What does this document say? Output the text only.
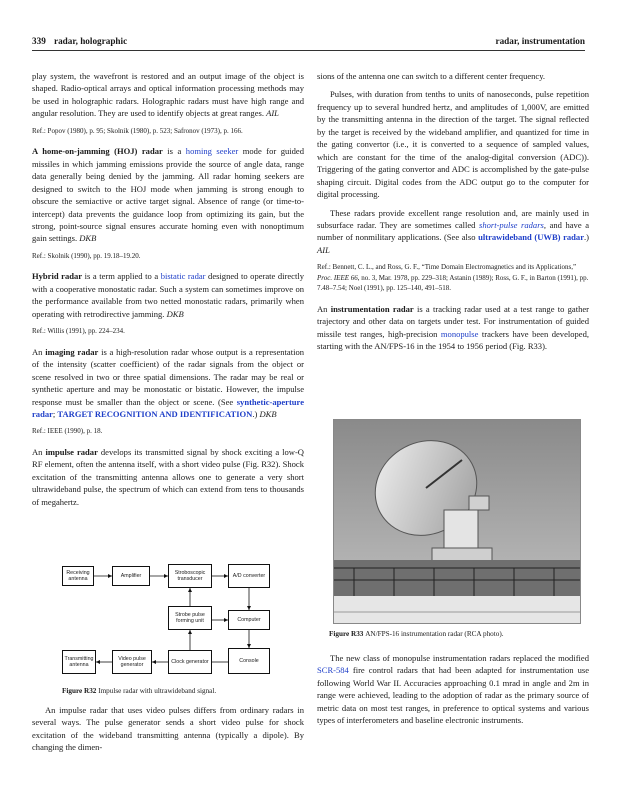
339 radar, holographic	radar, instrumentation

play system, the wavefront is restored and an output image of the object is shaped. Radio-optical arrays and optical information processing methods may be used in holographic radars. Holographic radars must have high range and angular resolution. They are used to identify objects at great ranges. AIL

Ref.: Popov (1980), p. 95; Skolnik (1980), p. 523; Safronov (1973), p. 166.

A home-on-jamming (HOJ) radar is a homing seeker mode for guided missiles in which jamming emissions provide the source of angle data, range data generally being denied by the jamming. All radar homing seekers are designed to switch to the HOJ mode when jamming is strong enough to obscure the semiactive or active target signal. Absence of range (or time-to-intercept) data prevents the guidance loop from optimizing its gain, but the strong, point-source signal ensures accurate homing even with nonoptimum gain settings. DKB

Ref.: Skolnik (1990), pp. 19.18–19.20.

Hybrid radar is a term applied to a bistatic radar designed to operate directly with a cooperative monostatic radar. Such a system can sometimes improve on the performance available from two netted monostatic radars, primarily when operating with retrodirective jamming. DKB

Ref.: Willis (1991), pp. 224–234.

An imaging radar is a high-resolution radar whose output is a representation of the intensity (scatter coefficient) of the radar signals from the object or scene resolved in two or three spatial dimensions. The radar may be real or synthetic aperture and may be monostatic or bistatic. However, the impulse response must be smaller than the object or scene. (See synthetic-aperture radar; TARGET RECOGNITION AND IDENTIFICATION.) DKB

Ref.: IEEE (1990), p. 18.

An impulse radar develops its transmitted signal by shock exciting a low-Q RF element, often the antenna itself, with a short video pulse (Fig. R32). Shock excitation of the transmitting antenna allows one to generate a very short ultrawideband pulse, the spectrum of which can extend from tens to thousands of megahertz.

Receiving antenna
Amplifier
Stroboscopic transducer
A/D converter
Strobe pulse forming unit	Computer
Transmitting antenna
Video pulse generator
Clock generator	Console
Figure R32 Impulse radar with ultrawideband signal.

An impulse radar that uses video pulses differs from ordinary radars in several ways. The pulse generator sends a short video pulse for shock excitation of the wideband transmitting antenna (typically a dipole). By changing the dimen-

sions of the antenna one can switch to a different center frequency.

Pulses, with duration from tenths to units of nanoseconds, pulse repetition frequency up to several hundred hertz, and amplitudes of 1,000V, are emitted by the transmitting antenna in the direction of the target. The signal reflected by the target is received by the wideband amplifier, and quantized for time in the gating convertor (i.e., it is converted to a sequence of sampled values, which are constant for the time of the analog-digital conversion (ADC)). Triggering of the gating convertor and ADC is accomplished by the gate-pulse shaping circuit. Digital codes from the ADC output go to the computer for digital processing.

These radars provide excellent range resolution and, are mainly used in subsurface radar. They are sometimes called short-pulse radars, and have a number of nonmilitary applications. (See also ultrawideband (UWB) radar.) AIL

Ref.: Bennett, C. L., and Ross, G. F., “Time Domain Electromagnetics and its Applications,” Proc. IEEE 66, no. 3, Mar. 1978, pp. 229–318; Astanin (1989); Ross, G. F., in Barton (1991), pp. 7.48–7.54; Noel (1991), pp. 125–140, 491–518.

An instrumentation radar is a tracking radar used at a test range to gather trajectory and other data on targets under test. For instrumentation of guided missile test ranges, high-precision monopulse trackers have been developed, starting with the AN/FPS-16 in the 1954 to 1956 period (Fig. R33).

Figure R33 AN/FPS-16 instrumentation radar (RCA photo).

The new class of monopulse instrumentation radars replaced the modified SCR-584 fire control radars that had been adapted for instrumentation use following World War II. Accuracies approaching 0.1 mrad in angle and 2m in range were achieved, leading to the adoption of radar as the primary source of metric data on most test ranges, in preference to optical systems and various types of interferometers and baseline electronic instruments.
